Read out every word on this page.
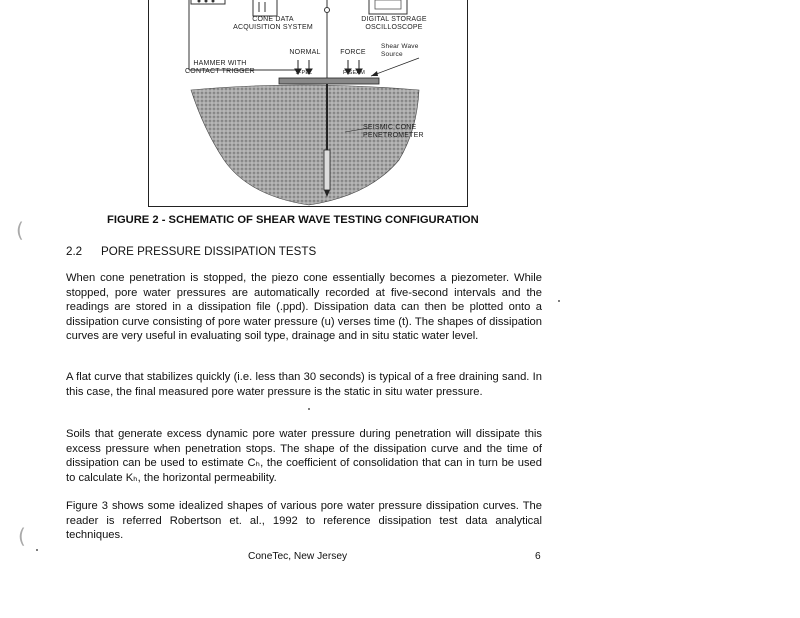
CONE DATA
ACQUISITION SYSTEM
DIGITAL STORAGE
OSCILLOSCOPE
NORMAL	FORCE
Shear Wave
Source
HAMMER WITH
CONTACT TRIGGER	S-PEL	F-SEAM
SEISMIC CONE
PENETROMETER
FIGURE 2 - SCHEMATIC OF SHEAR WAVE TESTING CONFIGURATION
2.2 PORE PRESSURE DISSIPATION TESTS

When cone penetration is stopped, the piezo cone essentially becomes a piezometer. While stopped, pore water pressures are automatically recorded at five-second intervals and the readings are stored in a dissipation file (.ppd). Dissipation data can then be plotted onto a dissipation curve consisting of pore water pressure (u) verses time (t). The shapes of dissipation curves are very useful in evaluating soil type, drainage and in situ static water level.

A flat curve that stabilizes quickly (i.e. less than 30 seconds) is typical of a free draining sand. In this case, the final measured pore water pressure is the static in situ water pressure.

Soils that generate excess dynamic pore water pressure during penetration will dissipate this excess pressure when penetration stops. The shape of the dissipation curve and the time of dissipation can be used to estimate Cₕ, the coefficient of consolidation that can in turn be used to calculate Kₕ, the horizontal permeability.

Figure 3 shows some idealized shapes of various pore water pressure dissipation curves. The reader is referred Robertson et. al., 1992 to reference dissipation test data analytical techniques.

ConeTec, New Jersey	6
(
(
